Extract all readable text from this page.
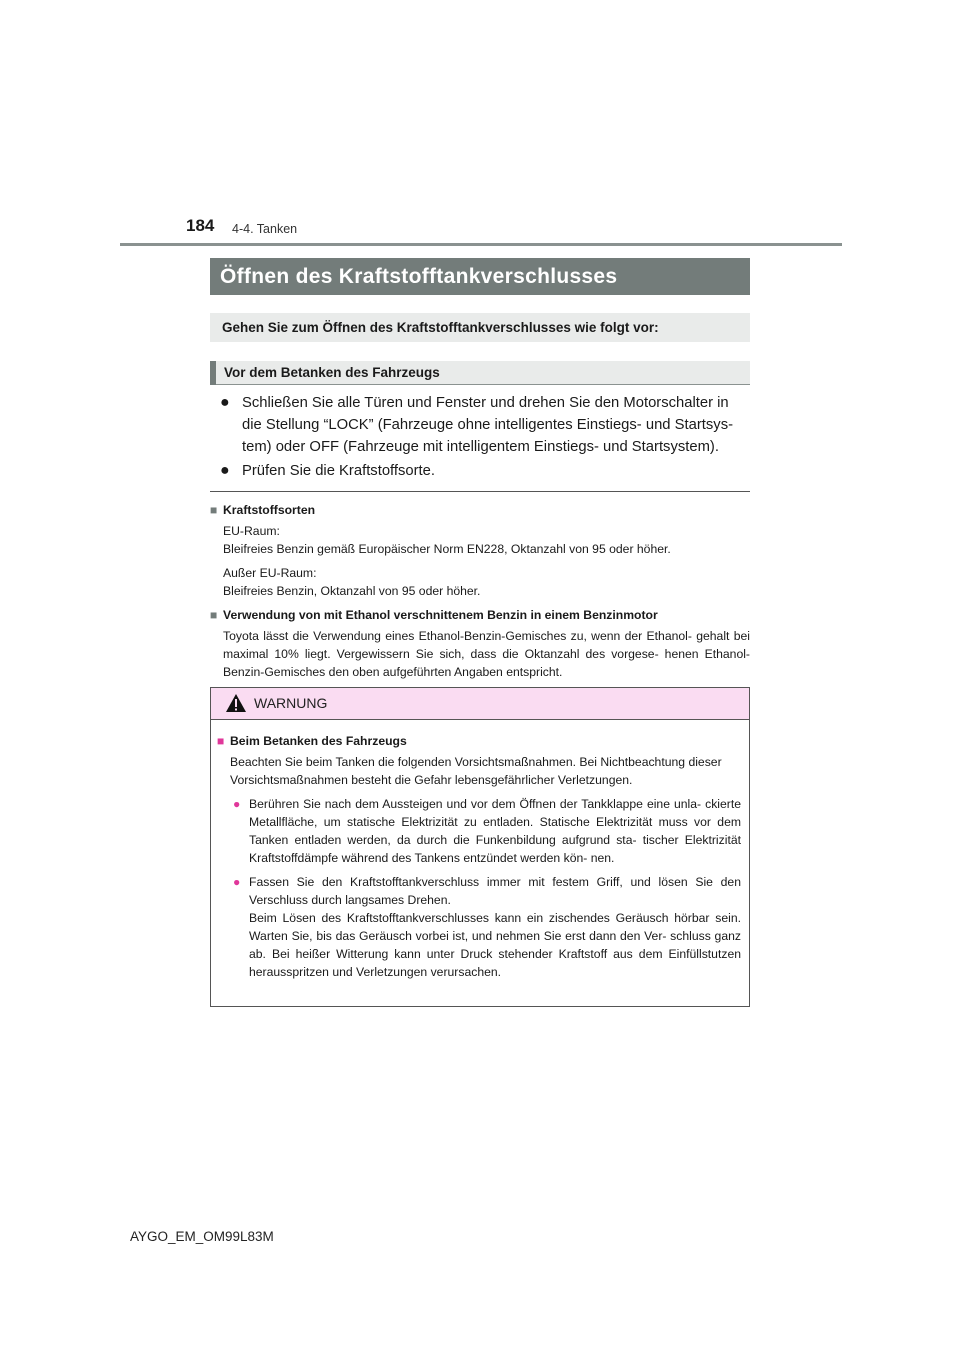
184 4-4. Tanken
Öffnen des Kraftstofftankverschlusses
Gehen Sie zum Öffnen des Kraftstofftankverschlusses wie folgt vor:
Vor dem Betanken des Fahrzeugs
● Schließen Sie alle Türen und Fenster und drehen Sie den Motorschalter in die Stellung “LOCK” (Fahrzeuge ohne intelligentes Einstiegs- und Startsys- tem) oder OFF (Fahrzeuge mit intelligentem Einstiegs- und Startsystem).
● Prüfen Sie die Kraftstoffsorte.
■ Kraftstoffsorten
EU-Raum:
Bleifreies Benzin gemäß Europäischer Norm EN228, Oktanzahl von 95 oder höher.
Außer EU-Raum:
Bleifreies Benzin, Oktanzahl von 95 oder höher.
■ Verwendung von mit Ethanol verschnittenem Benzin in einem Benzinmotor
Toyota lässt die Verwendung eines Ethanol-Benzin-Gemisches zu, wenn der Ethanol- gehalt bei maximal 10% liegt. Vergewissern Sie sich, dass die Oktanzahl des vorgese- henen Ethanol-Benzin-Gemisches den oben aufgeführten Angaben entspricht.
WARNUNG
■ Beim Betanken des Fahrzeugs
Beachten Sie beim Tanken die folgenden Vorsichtsmaßnahmen. Bei Nichtbeachtung dieser Vorsichtsmaßnahmen besteht die Gefahr lebensgefährlicher Verletzungen.
● Berühren Sie nach dem Aussteigen und vor dem Öffnen der Tankklappe eine unla- ckierte Metallfläche, um statische Elektrizität zu entladen. Statische Elektrizität muss vor dem Tanken entladen werden, da durch die Funkenbildung aufgrund sta- tischer Elektrizität Kraftstoffdämpfe während des Tankens entzündet werden kön- nen.

● Fassen Sie den Kraftstofftankverschluss immer mit festem Griff, und lösen Sie den Verschluss durch langsames Drehen.

Beim Lösen des Kraftstofftankverschlusses kann ein zischendes Geräusch hörbar sein. Warten Sie, bis das Geräusch vorbei ist, und nehmen Sie erst dann den Ver- schluss ganz ab. Bei heißer Witterung kann unter Druck stehender Kraftstoff aus dem Einfüllstutzen herausspritzen und Verletzungen verursachen.

AYGO_EM_OM99L83M
